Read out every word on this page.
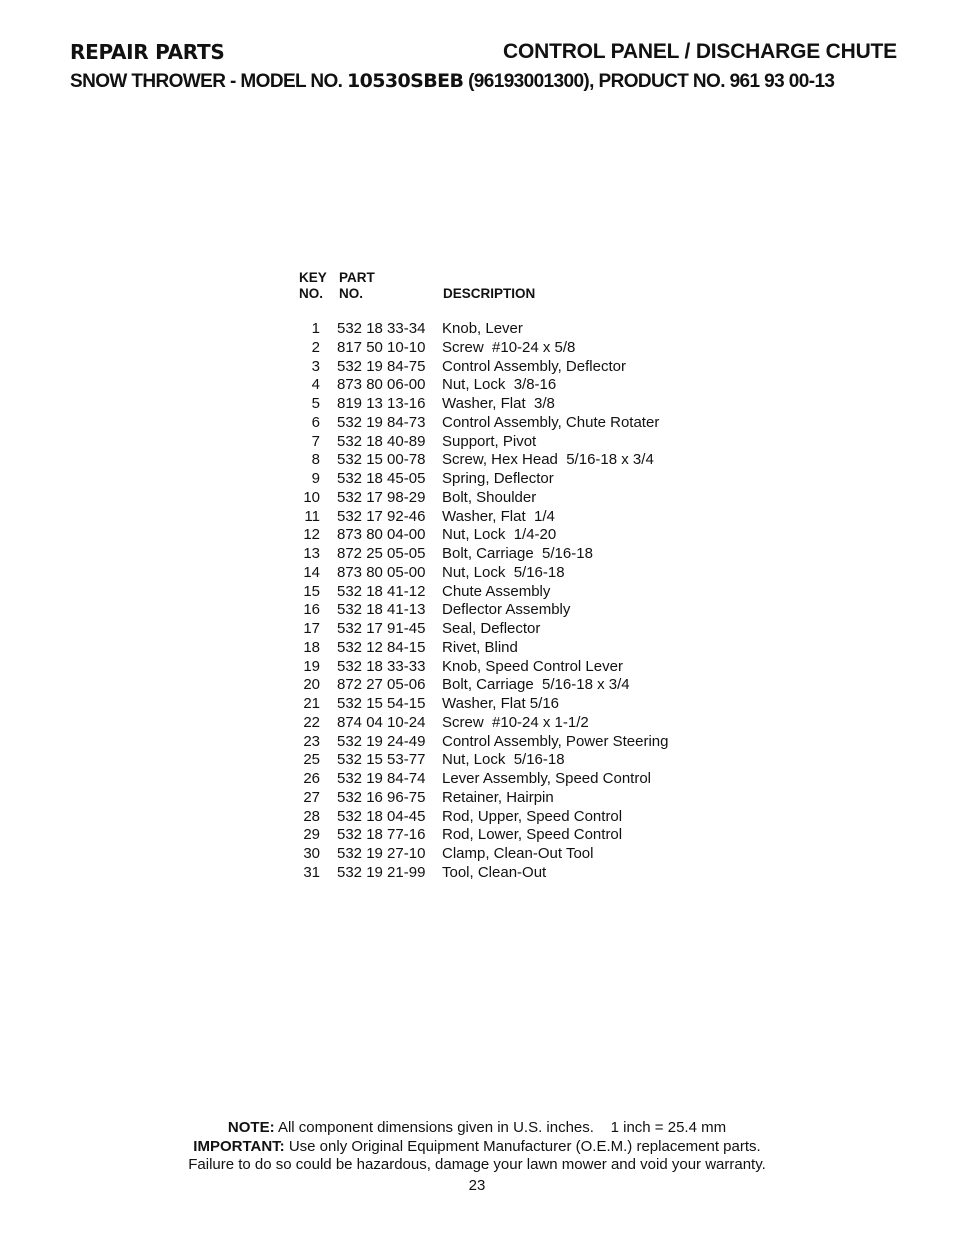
REPAIR PARTS	CONTROL PANEL / DISCHARGE CHUTE
SNOW THROWER - MODEL NO. 10530SBEB (96193001300), PRODUCT NO. 961 93 00-13
KEY
NO.
PART
NO.	DESCRIPTION
1 532 18 33-34 Knob, Lever
2 817 50 10-10 Screw  #10-24 x 5/8
3 532 19 84-75 Control Assembly, Deflector
4 873 80 06-00 Nut, Lock  3/8-16
5 819 13 13-16 Washer, Flat  3/8
6 532 19 84-73 Control Assembly, Chute Rotater
7 532 18 40-89 Support, Pivot
8 532 15 00-78 Screw, Hex Head  5/16-18 x 3/4
9 532 18 45-05 Spring, Deflector
10 532 17 98-29 Bolt, Shoulder
11 532 17 92-46 Washer, Flat  1/4
12 873 80 04-00 Nut, Lock  1/4-20
13 872 25 05-05 Bolt, Carriage  5/16-18
14 873 80 05-00 Nut, Lock  5/16-18
15 532 18 41-12 Chute Assembly
16 532 18 41-13 Deflector Assembly
17 532 17 91-45 Seal, Deflector
18 532 12 84-15 Rivet, Blind
19 532 18 33-33 Knob, Speed Control Lever
20 872 27 05-06 Bolt, Carriage  5/16-18 x 3/4
21 532 15 54-15 Washer, Flat 5/16
22 874 04 10-24 Screw  #10-24 x 1-1/2
23 532 19 24-49 Control Assembly, Power Steering
25 532 15 53-77 Nut, Lock  5/16-18
26 532 19 84-74 Lever Assembly, Speed Control
27 532 16 96-75 Retainer, Hairpin
28 532 18 04-45 Rod, Upper, Speed Control
29 532 18 77-16 Rod, Lower, Speed Control
30 532 19 27-10 Clamp, Clean-Out Tool
31 532 19 21-99 Tool, Clean-Out
NOTE: All component dimensions given in U.S. inches.    1 inch = 25.4 mm
IMPORTANT: Use only Original Equipment Manufacturer (O.E.M.) replacement parts.
Failure to do so could be hazardous, damage your lawn mower and void your warranty.
23
